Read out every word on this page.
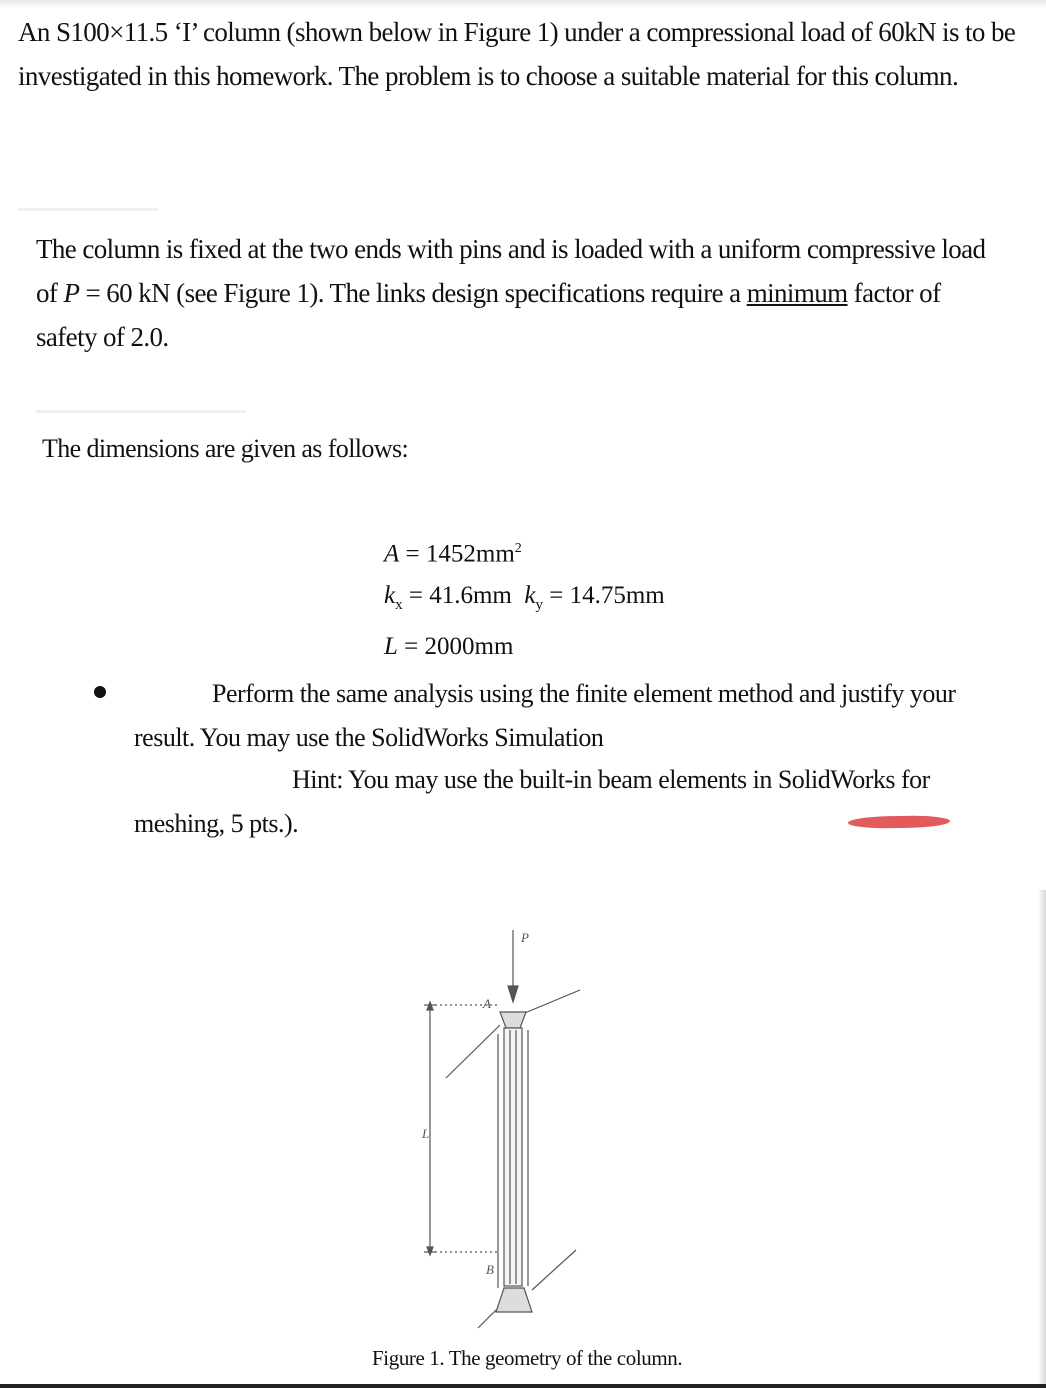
An S100×11.5 ‘I’ column (shown below in Figure 1) under a compressional load of 60kN is to be investigated in this homework. The problem is to choose a suitable material for this column.

The column is fixed at the two ends with pins and is loaded with a uniform compressive load
of P = 60 kN (see Figure 1). The links design specifications require a minimum factor of
safety of 2.0.

The dimensions are given as follows:

$A = 1452mm^2$
$k_x = 41.6mm$ $k_y = 14.75mm$
L = 2000mm
Perform the same analysis using the finite element method and justify your
result. You may use the SolidWorks Simulation
Hint: You may use the built-in beam elements in SolidWorks for
meshing, 5 pts.).
P
A
B
L
Figure 1. The geometry of the column.
